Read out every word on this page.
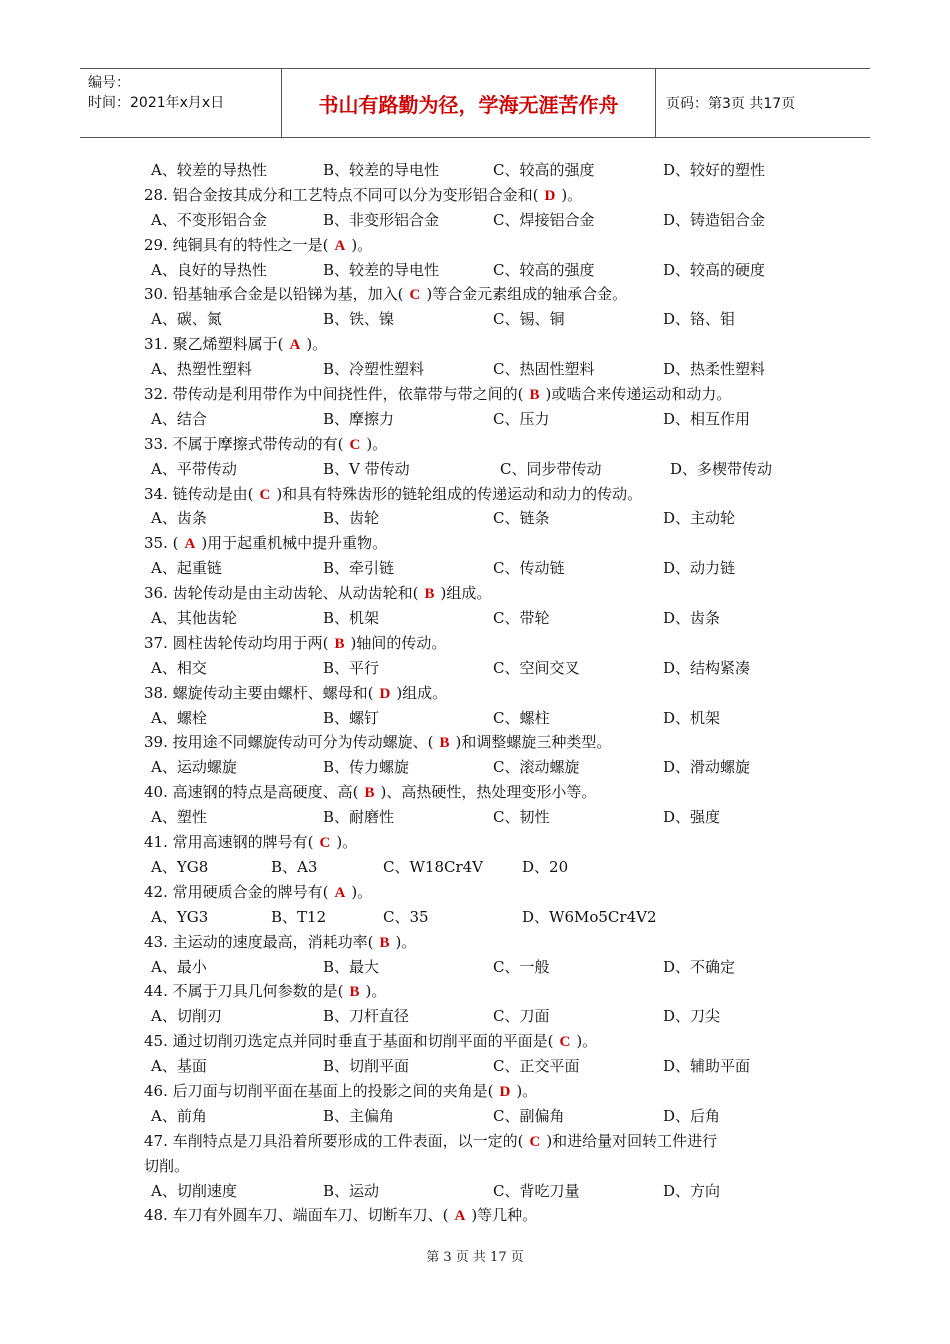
编号：
时间：2021年x月x日	书山有路勤为径，学海无涯苦作舟	页码：第3页 共17页
A、较差的导热性	B、较差的导电性	C、较高的强度	D、较好的塑性
28. 铝合金按其成分和工艺特点不同可以分为变形铝合金和( D )。
A、不变形铝合金	B、非变形铝合金	C、焊接铝合金	D、铸造铝合金
29. 纯铜具有的特性之一是( A )。
A、良好的导热性	B、较差的导电性	C、较高的强度	D、较高的硬度
30. 铅基轴承合金是以铅锑为基，加入( C )等合金元素组成的轴承合金。
A、碳、氮	B、铁、镍	C、锡、铜	D、铬、钼
31. 聚乙烯塑料属于( A )。
A、热塑性塑料	B、冷塑性塑料	C、热固性塑料	D、热柔性塑料
32. 带传动是利用带作为中间挠性件，依靠带与带之间的( B )或啮合来传递运动和动力。
A、结合	B、摩擦力	C、压力	D、相互作用
33. 不属于摩擦式带传动的有( C )。
A、平带传动	B、V 带传动	C、同步带传动	D、多楔带传动
34. 链传动是由( C )和具有特殊齿形的链轮组成的传递运动和动力的传动。
A、齿条	B、齿轮	C、链条	D、主动轮
35. ( A )用于起重机械中提升重物。
A、起重链	B、牵引链	C、传动链	D、动力链
36. 齿轮传动是由主动齿轮、从动齿轮和( B )组成。
A、其他齿轮	B、机架	C、带轮	D、齿条
37. 圆柱齿轮传动均用于两( B )轴间的传动。
A、相交	B、平行	C、空间交叉	D、结构紧凑
38. 螺旋传动主要由螺杆、螺母和( D )组成。
A、螺栓	B、螺钉	C、螺柱	D、机架
39. 按用途不同螺旋传动可分为传动螺旋、( B )和调整螺旋三种类型。
A、运动螺旋	B、传力螺旋	C、滚动螺旋	D、滑动螺旋
40. 高速钢的特点是高硬度、高( B )、高热硬性，热处理变形小等。
A、塑性	B、耐磨性	C、韧性	D、强度
41. 常用高速钢的牌号有( C )。
A、YG8	B、A3	C、W18Cr4V	D、20
42. 常用硬质合金的牌号有( A )。
A、YG3	B、T12	C、35	D、W6Mo5Cr4V2
43. 主运动的速度最高，消耗功率( B )。
A、最小	B、最大	C、一般	D、不确定
44. 不属于刀具几何参数的是( B )。
A、切削刃	B、刀杆直径	C、刀面	D、刀尖
45. 通过切削刃选定点并同时垂直于基面和切削平面的平面是( C )。
A、基面	B、切削平面	C、正交平面	D、辅助平面
46. 后刀面与切削平面在基面上的投影之间的夹角是( D )。
A、前角	B、主偏角	C、副偏角	D、后角
47. 车削特点是刀具沿着所要形成的工件表面，以一定的( C )和进给量对回转工件进行
切削。
A、切削速度	B、运动	C、背吃刀量	D、方向
48. 车刀有外圆车刀、端面车刀、切断车刀、( A )等几种。
第 3 页 共 17 页
